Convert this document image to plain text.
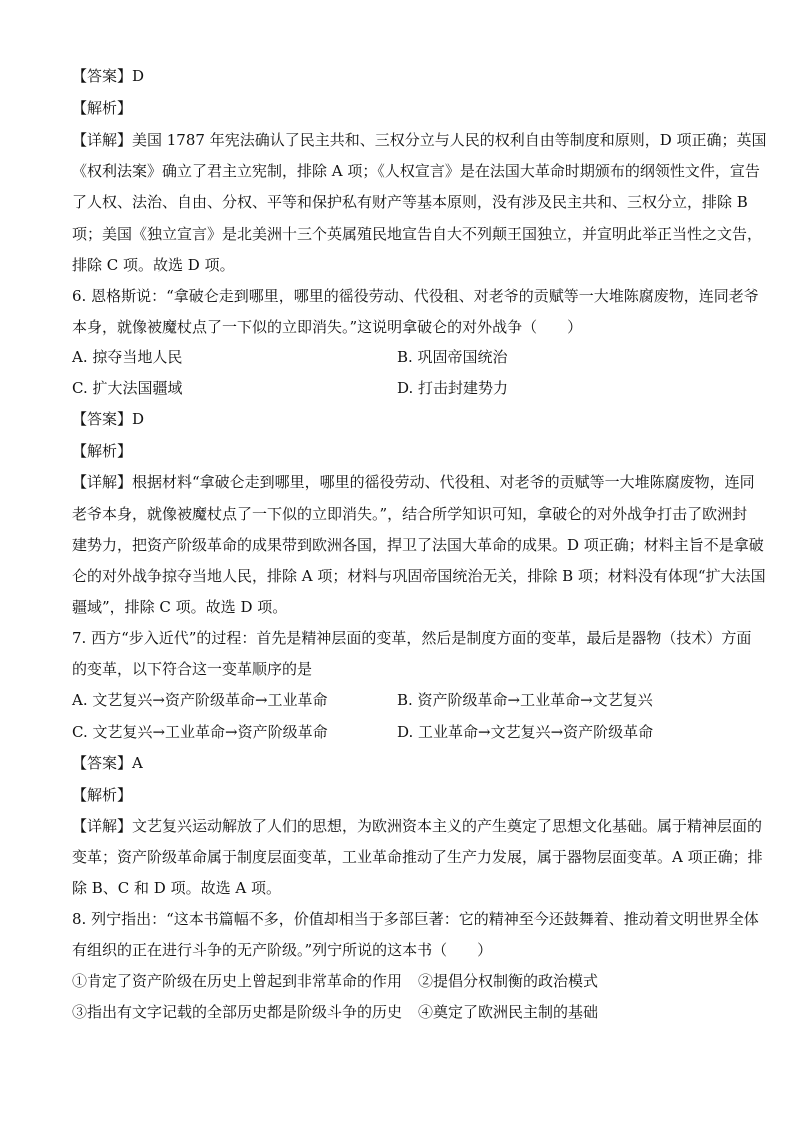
【答案】D
【解析】
【详解】美国 1787 年宪法确认了民主共和、三权分立与人民的权利自由等制度和原则，D 项正确；英国
《权利法案》确立了君主立宪制，排除 A 项；《人权宣言》是在法国大革命时期颁布的纲领性文件，宣告
了人权、法治、自由、分权、平等和保护私有财产等基本原则，没有涉及民主共和、三权分立，排除 B
项；美国《独立宣言》是北美洲十三个英属殖民地宣告自大不列颠王国独立，并宣明此举正当性之文告，
排除 C 项。故选 D 项。
6. 恩格斯说：“拿破仑走到哪里，哪里的徭役劳动、代役租、对老爷的贡赋等一大堆陈腐废物，连同老爷
本身，就像被魔杖点了一下似的立即消失。”这说明拿破仑的对外战争（　　）
A. 掠夺当地人民	B. 巩固帝国统治
C. 扩大法国疆域	D. 打击封建势力
【答案】D
【解析】
【详解】根据材料“拿破仑走到哪里，哪里的徭役劳动、代役租、对老爷的贡赋等一大堆陈腐废物，连同
老爷本身，就像被魔杖点了一下似的立即消失。”，结合所学知识可知，拿破仑的对外战争打击了欧洲封
建势力，把资产阶级革命的成果带到欧洲各国，捍卫了法国大革命的成果。D 项正确；材料主旨不是拿破
仑的对外战争掠夺当地人民，排除 A 项；材料与巩固帝国统治无关，排除 B 项；材料没有体现“扩大法国
疆域”，排除 C 项。故选 D 项。
7. 西方“步入近代”的过程：首先是精神层面的变革，然后是制度方面的变革，最后是器物（技术）方面
的变革，以下符合这一变革顺序的是
A. 文艺复兴→资产阶级革命→工业革命	B. 资产阶级革命→工业革命→文艺复兴
C. 文艺复兴→工业革命→资产阶级革命	D. 工业革命→文艺复兴→资产阶级革命
【答案】A
【解析】
【详解】文艺复兴运动解放了人们的思想，为欧洲资本主义的产生奠定了思想文化基础。属于精神层面的
变革；资产阶级革命属于制度层面变革，工业革命推动了生产力发展，属于器物层面变革。A 项正确；排
除 B、C 和 D 项。故选 A 项。
8. 列宁指出：“这本书篇幅不多，价值却相当于多部巨著：它的精神至今还鼓舞着、推动着文明世界全体
有组织的正在进行斗争的无产阶级。”列宁所说的这本书（　　）
①肯定了资产阶级在历史上曾起到非常革命的作用 ②提倡分权制衡的政治模式
③指出有文字记载的全部历史都是阶级斗争的历史 ④奠定了欧洲民主制的基础
